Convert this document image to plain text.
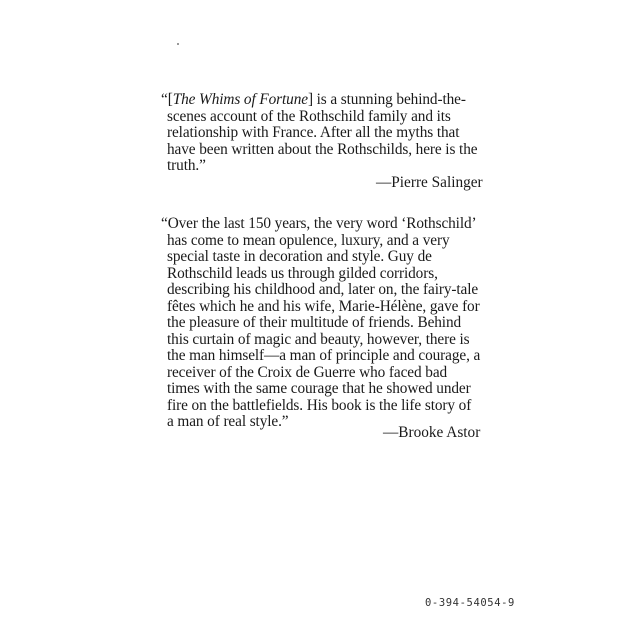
“[The Whims of Fortune] is a stunning behind-the-scenes account of the Rothschild family and its relationship with France. After all the myths that have been written about the Rothschilds, here is the truth.”

—Pierre Salinger

“Over the last 150 years, the very word ‘Rothschild’ has come to mean opulence, luxury, and a very special taste in decoration and style. Guy de Rothschild leads us through gilded corridors, describing his childhood and, later on, the fairy-tale fêtes which he and his wife, Marie-Hélène, gave for the pleasure of their multitude of friends. Behind this curtain of magic and beauty, however, there is the man himself—a man of principle and courage, a receiver of the Croix de Guerre who faced bad times with the same courage that he showed under fire on the battlefields. His book is the life story of a man of real style.”

—Brooke Astor
0-394-54054-9
